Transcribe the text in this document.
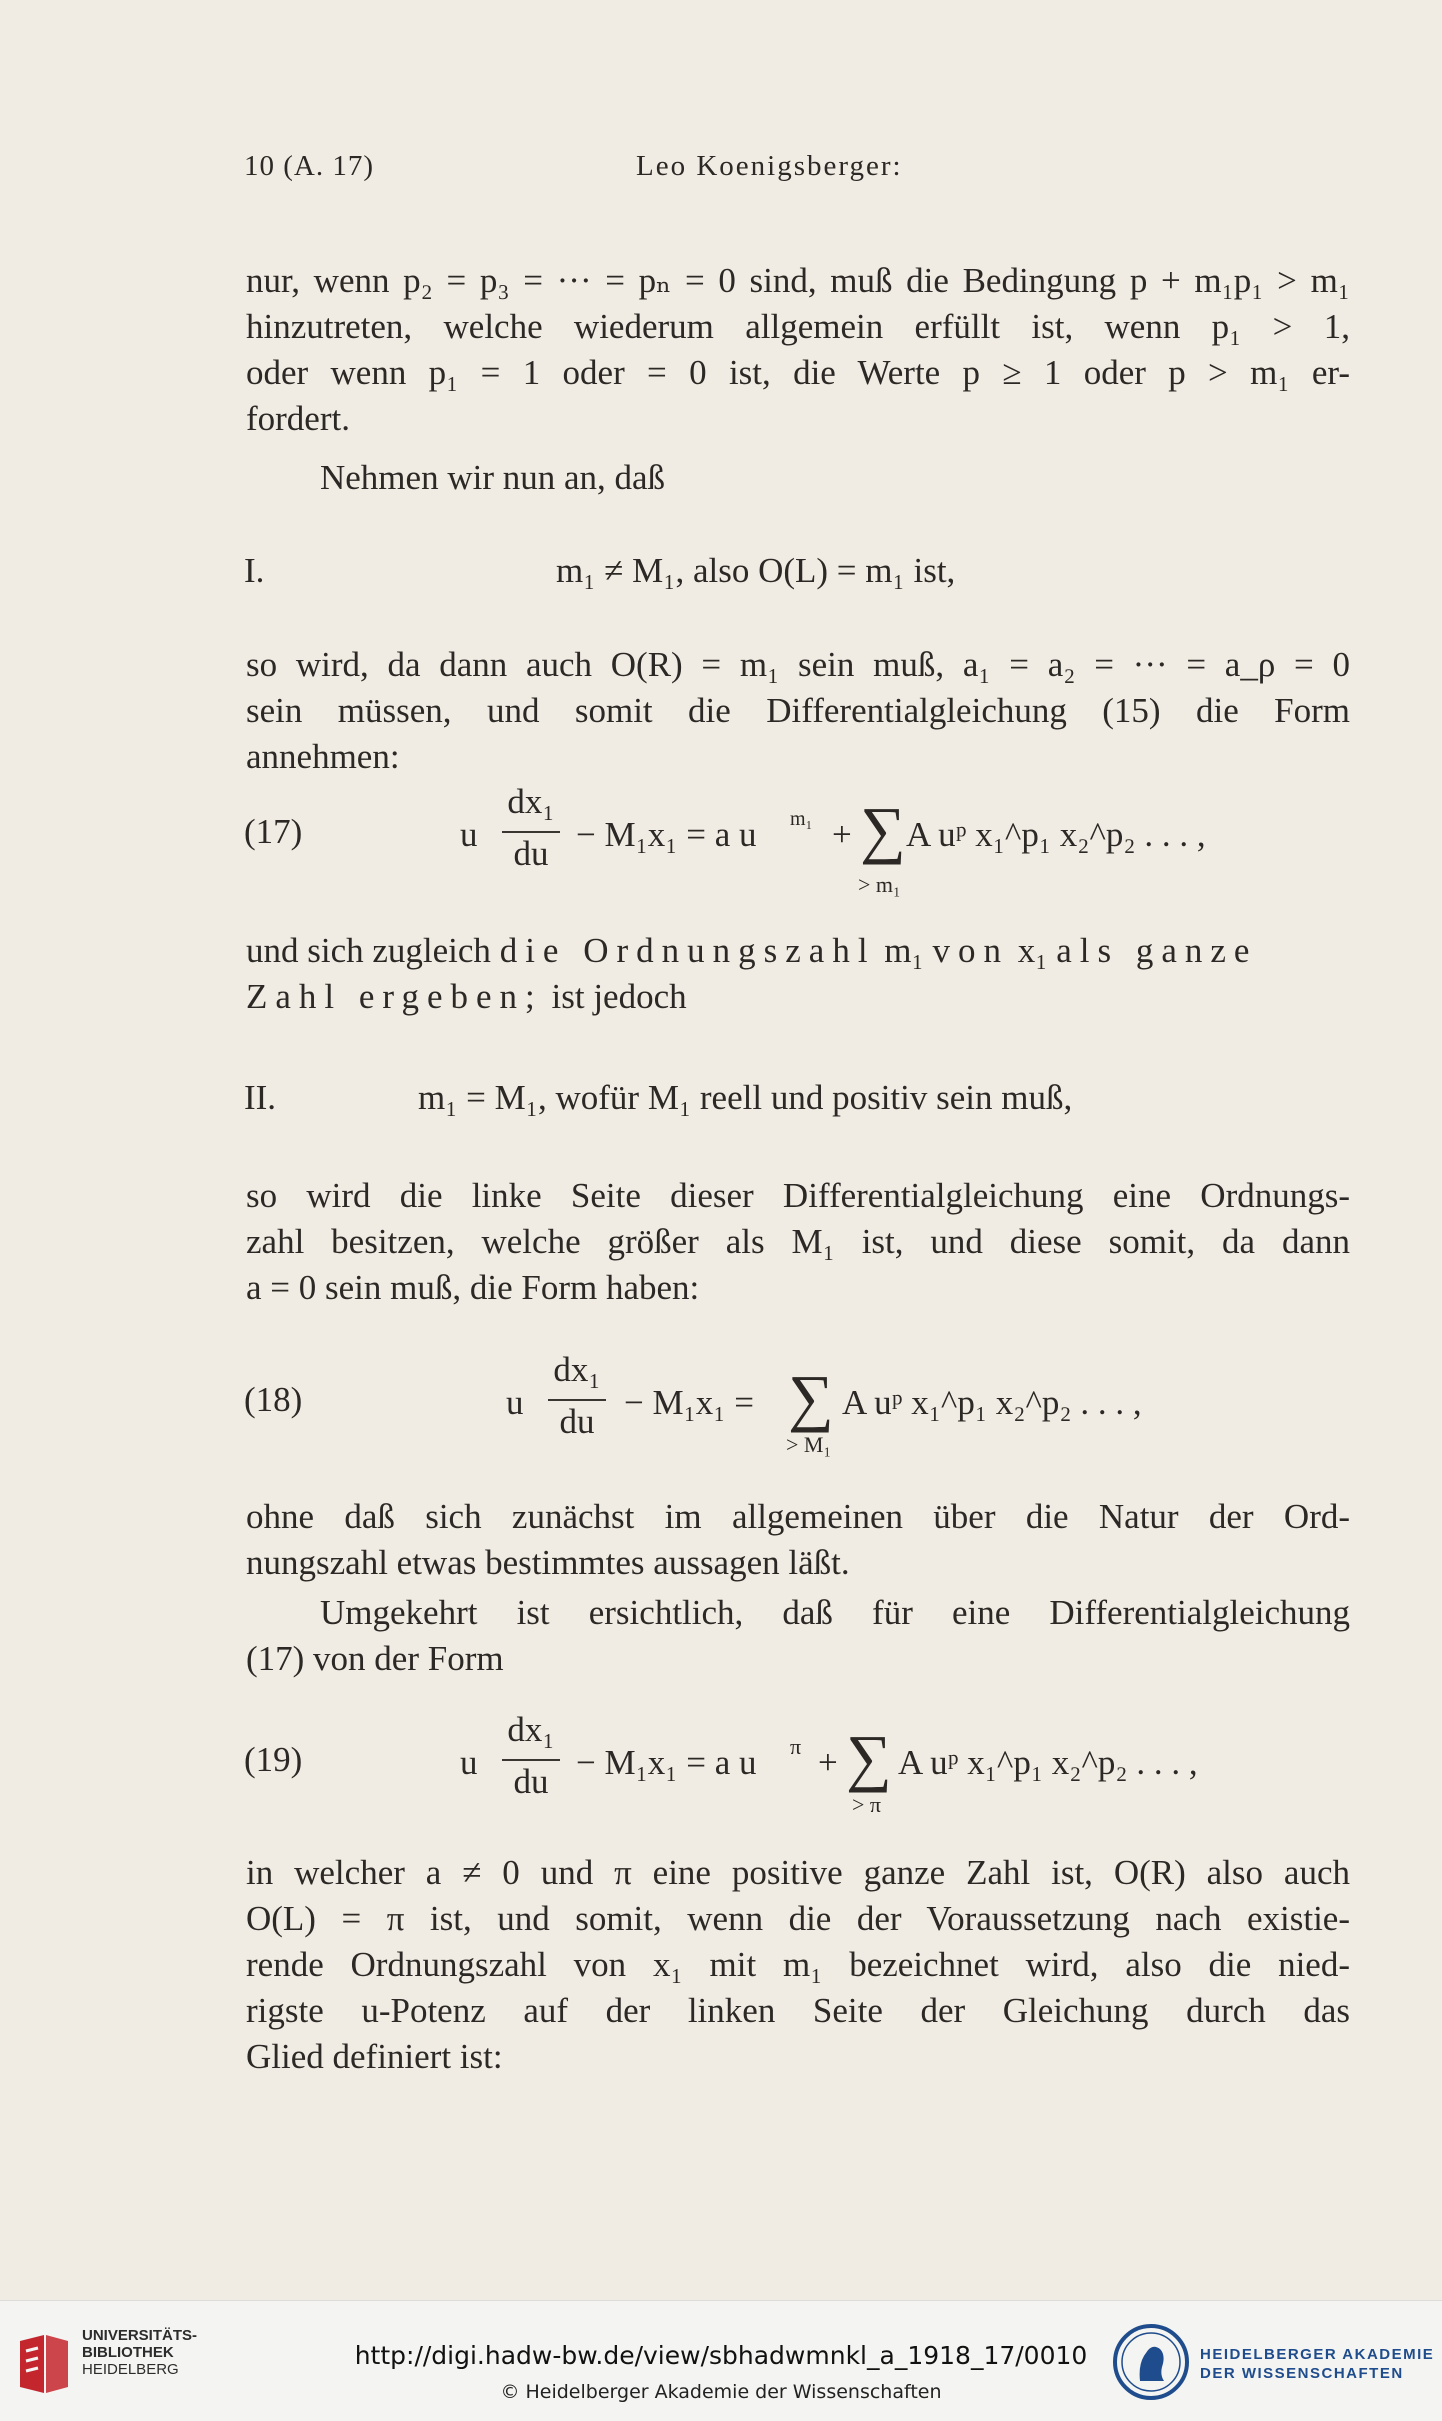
10 (A. 17)	Leo Koenigsberger:
nur, wenn p₂ = p₃ = ··· = pₙ = 0 sind, muß die Bedingung p + m₁p₁ > m₁
hinzutreten, welche wiederum allgemein erfüllt ist, wenn p₁ > 1,
oder wenn p₁ = 1 oder = 0 ist, die Werte p ≥ 1 oder p > m₁ er-
fordert.
Nehmen wir nun an, daß
I.	m₁ ≠ M₁, also O(L) = m₁ ist,
so wird, da dann auch O(R) = m₁ sein muß, a₁ = a₂ = ··· = a_ρ = 0
sein müssen, und somit die Differentialgleichung (15) die Form
annehmen:
(17)	u
dx₁
du − M₁x₁ = a u	m₁ + ∑
> m₁
A uᵖ x₁^p₁ x₂^p₂ . . . ,
und sich zugleich die Ordnungszahl m₁ von x₁ als ganze
Zahl ergeben; ist jedoch
II.	m₁ = M₁, wofür M₁ reell und positiv sein muß,
so wird die linke Seite dieser Differentialgleichung eine Ordnungs-
zahl besitzen, welche größer als M₁ ist, und diese somit, da dann
a = 0 sein muß, die Form haben:
(18)	u
dx₁
du − M₁x₁ = ∑
> M₁
A uᵖ x₁^p₁ x₂^p₂ . . . ,
ohne daß sich zunächst im allgemeinen über die Natur der Ord-
nungszahl etwas bestimmtes aussagen läßt.
Umgekehrt ist ersichtlich, daß für eine Differentialgleichung
(17) von der Form
(19)	u
dx₁
du − M₁x₁ = a u	π + ∑
> π
A uᵖ x₁^p₁ x₂^p₂ . . . ,
in welcher a ≠ 0 und π eine positive ganze Zahl ist, O(R) also auch
O(L) = π ist, und somit, wenn die der Voraussetzung nach existie-
rende Ordnungszahl von x₁ mit m₁ bezeichnet wird, also die nied-
rigste u-Potenz auf der linken Seite der Gleichung durch das
Glied definiert ist:
UNIVERSITÄTS-
BIBLIOTHEK
HEIDELBERG	http://digi.hadw-bw.de/view/sbhadwmnkl_a_1918_17/0010
© Heidelberger Akademie der Wissenschaften
HEIDELBERGER AKADEMIE
DER WISSENSCHAFTEN
